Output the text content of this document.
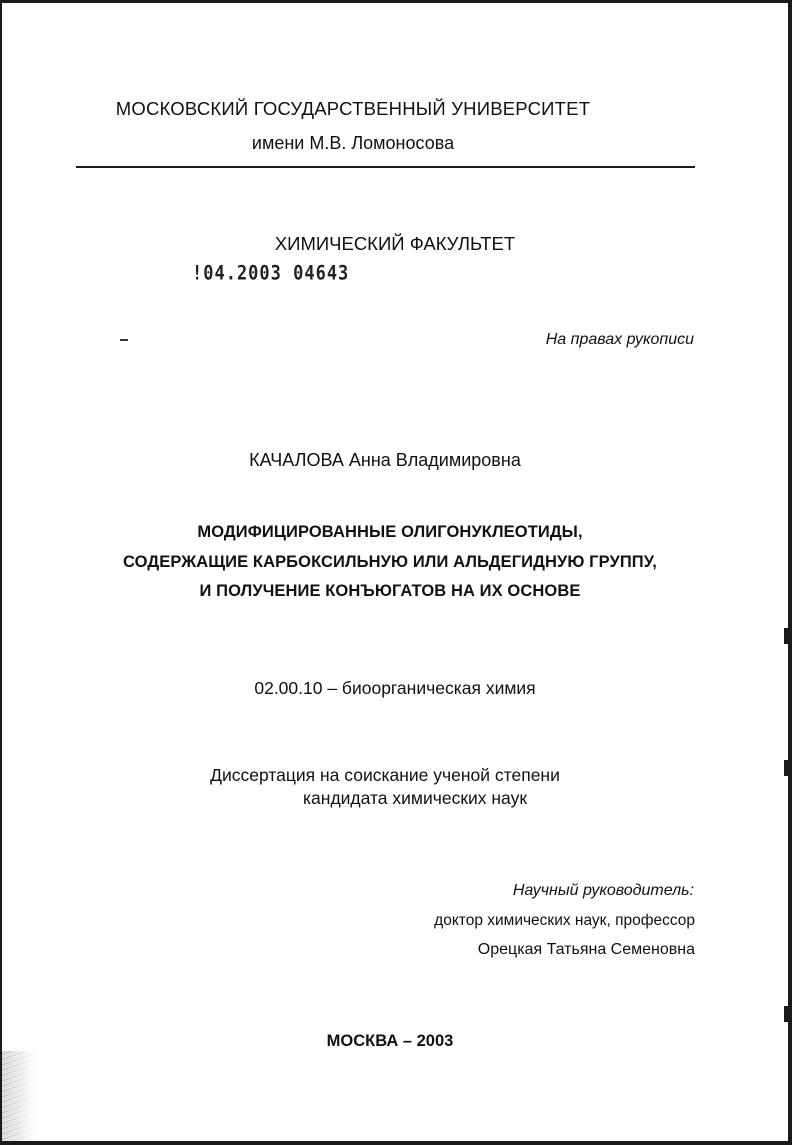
МОСКОВСКИЙ ГОСУДАРСТВЕННЫЙ УНИВЕРСИТЕТ
имени М.В. Ломоносова
ХИМИЧЕСКИЙ ФАКУЛЬТЕТ
!04.2003 04643
На правах рукописи
КАЧАЛОВА Анна Владимировна
МОДИФИЦИРОВАННЫЕ ОЛИГОНУКЛЕОТИДЫ,
СОДЕРЖАЩИЕ КАРБОКСИЛЬНУЮ ИЛИ АЛЬДЕГИДНУЮ ГРУППУ,
И ПОЛУЧЕНИЕ КОНЪЮГАТОВ НА ИХ ОСНОВЕ
02.00.10 – биоорганическая химия
Диссертация на соискание ученой степени
кандидата химических наук
Научный руководитель:
доктор химических наук, профессор
Орецкая Татьяна Семеновна
МОСКВА – 2003
